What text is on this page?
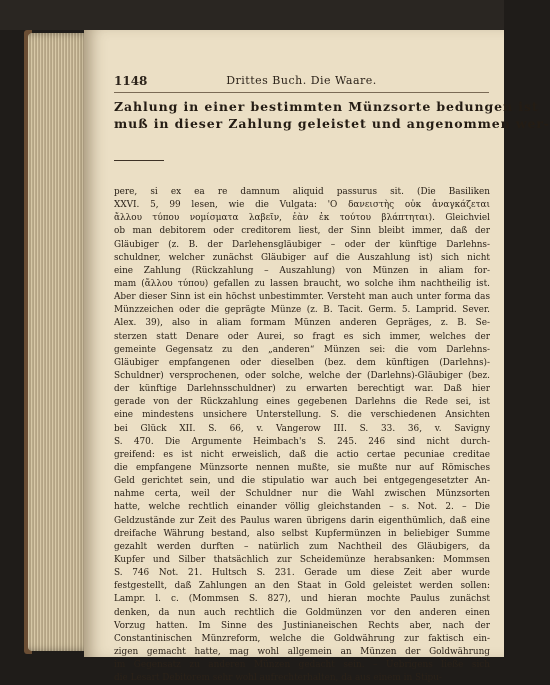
1148	Drittes Buch. Die Waare.
Zahlung in einer bestimmten Münzsorte bedungen ist
muß in dieser Zahlung geleistet und angenommen wer-
pere, si ex ea re damnum aliquid passurus sit. (Die Basiliken
XXVI. 5, 99 lesen, wie die Vulgata: 'Ο δανειστὴς οὐκ ἀναγκάζεται
ἄλλου τύπου νομίσματα λαβεῖν, ἐὰν ἐκ τούτου βλάπτηται). Gleichviel
ob man debitorem oder creditorem liest, der Sinn bleibt immer, daß der
Gläubiger (z. B. der Darlehensgläubiger – oder der künftige Darlehns-
schuldner, welcher zunächst Gläubiger auf die Auszahlung ist) sich nicht
eine Zahlung (Rückzahlung – Auszahlung) von Münzen in aliam for-
mam (ἄλλου τύπου) gefallen zu lassen braucht, wo solche ihm nachtheilig ist.
Aber dieser Sinn ist ein höchst unbestimmter. Versteht man auch unter forma das
Münzzeichen oder die geprägte Münze (z. B. Tacit. Germ. 5. Lamprid. Sever.
Alex. 39), also in aliam formam Münzen anderen Gepräges, z. B. Se-
sterzen statt Denare oder Aurei, so fragt es sich immer, welches der
gemeinte Gegensatz zu den „anderen“ Münzen sei: die vom Darlehns-
Gläubiger empfangenen oder dieselben (bez. dem künftigen (Darlehns)-
Schuldner) versprochenen, oder solche, welche der (Darlehns)-Gläubiger (bez.
der künftige Darlehnsschuldner) zu erwarten berechtigt war. Daß hier
gerade von der Rückzahlung eines gegebenen Darlehns die Rede sei, ist
eine mindestens unsichere Unterstellung. S. die verschiedenen Ansichten
bei Glück XII. S. 66, v. Vangerow III. S. 33. 36, v. Savigny
S. 470. Die Argumente Heimbach's S. 245. 246 sind nicht durch-
greifend: es ist nicht erweislich, daß die actio certae pecuniae creditae
die empfangene Münzsorte nennen mußte, sie mußte nur auf Römisches
Geld gerichtet sein, und die stipulatio war auch bei entgegengesetzter An-
nahme certa, weil der Schuldner nur die Wahl zwischen Münzsorten
hatte, welche rechtlich einander völlig gleichstanden – s. Not. 2. – Die
Geldzustände zur Zeit des Paulus waren übrigens darin eigenthümlich, daß eine
dreifache Währung bestand, also selbst Kupfermünzen in beliebiger Summe
gezahlt werden durften – natürlich zum Nachtheil des Gläubigers, da
Kupfer und Silber thatsächlich zur Scheidemünze herabsanken: Mommsen
S. 746 Not. 21. Hultsch S. 231. Gerade um diese Zeit aber wurde
festgestellt, daß Zahlungen an den Staat in Gold geleistet werden sollen:
Lampr. l. c. (Mommsen S. 827), und hieran mochte Paulus zunächst
denken, da nun auch rechtlich die Goldmünzen vor den anderen einen
Vorzug hatten. Im Sinne des Justinianeischen Rechts aber, nach der
Constantinischen Münzreform, welche die Goldwährung zur faktisch ein-
zigen gemacht hatte, mag wohl allgemein an Münzen der Goldwährung
im Gegensatz zu anderen Münzen gedacht sein. – Uebrigens ließe sich
die Lesart Debitorem sehr wohl aufrechterhalten, da aus einem in Stipu-
